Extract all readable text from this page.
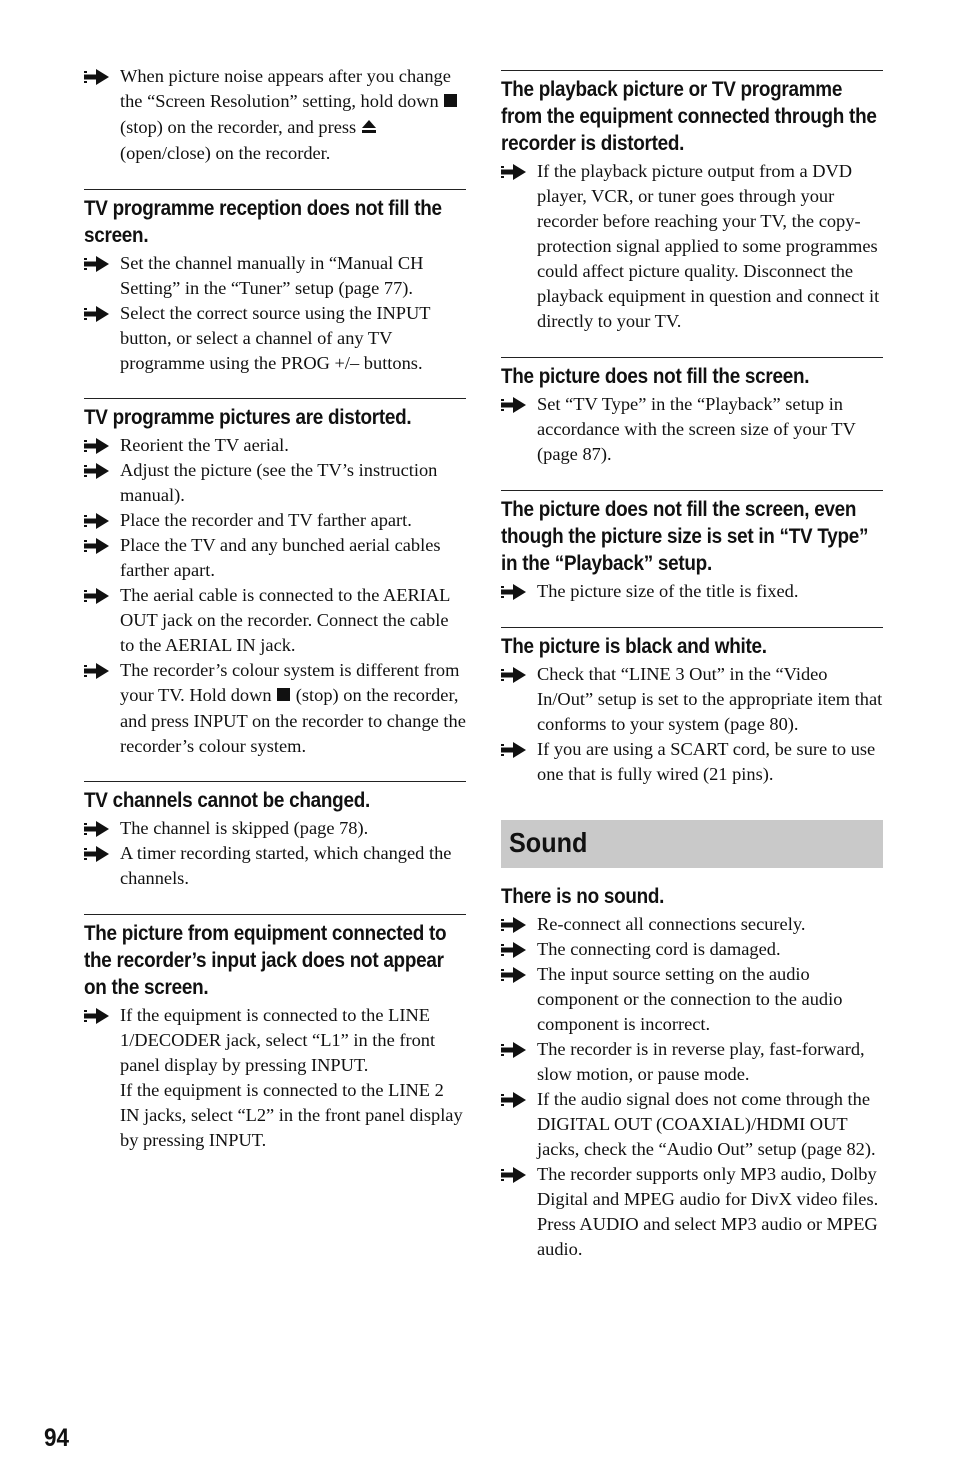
When picture noise appears after you change the “Screen Resolution” setting, hold down  (stop) on the recorder, and press  (open/close) on the recorder.
TV programme reception does not fill the screen.
Set the channel manually in “Manual CH Setting” in the “Tuner” setup (page 77).
Select the correct source using the INPUT button, or select a channel of any TV programme using the PROG +/– buttons.
TV programme pictures are distorted.
Reorient the TV aerial.
Adjust the picture (see the TV’s instruction manual).
Place the recorder and TV farther apart.
Place the TV and any bunched aerial cables farther apart.
The aerial cable is connected to the AERIAL OUT jack on the recorder. Connect the cable to the AERIAL IN jack.
The recorder’s colour system is different from your TV. Hold down  (stop) on the recorder, and press INPUT on the recorder to change the recorder’s colour system.
TV channels cannot be changed.
The channel is skipped (page 78).
A timer recording started, which changed the channels.
The picture from equipment connected to the recorder’s input jack does not appear on the screen.
If the equipment is connected to the LINE 1/DECODER jack, select “L1” in the front panel display by pressing INPUT.
If the equipment is connected to the LINE 2 IN jacks, select “L2” in the front panel display by pressing INPUT.
The playback picture or TV programme from the equipment connected through the recorder is distorted.
If the playback picture output from a DVD player, VCR, or tuner goes through your recorder before reaching your TV, the copy-protection signal applied to some programmes could affect picture quality. Disconnect the playback equipment in question and connect it directly to your TV.
The picture does not fill the screen.
Set “TV Type” in the “Playback” setup in accordance with the screen size of your TV (page 87).
The picture does not fill the screen, even though the picture size is set in “TV Type” in the “Playback” setup.
The picture size of the title is fixed.
The picture is black and white.
Check that “LINE 3 Out” in the “Video In/Out” setup is set to the appropriate item that conforms to your system (page 80).
If you are using a SCART cord, be sure to use one that is fully wired (21 pins).
Sound
There is no sound.
Re-connect all connections securely.
The connecting cord is damaged.
The input source setting on the audio component or the connection to the audio component is incorrect.
The recorder is in reverse play, fast-forward, slow motion, or pause mode.
If the audio signal does not come through the DIGITAL OUT (COAXIAL)/HDMI OUT jacks, check the “Audio Out” setup (page 82).
The recorder supports only MP3 audio, Dolby Digital and MPEG audio for DivX video files. Press AUDIO and select MP3 audio or MPEG audio.
94
